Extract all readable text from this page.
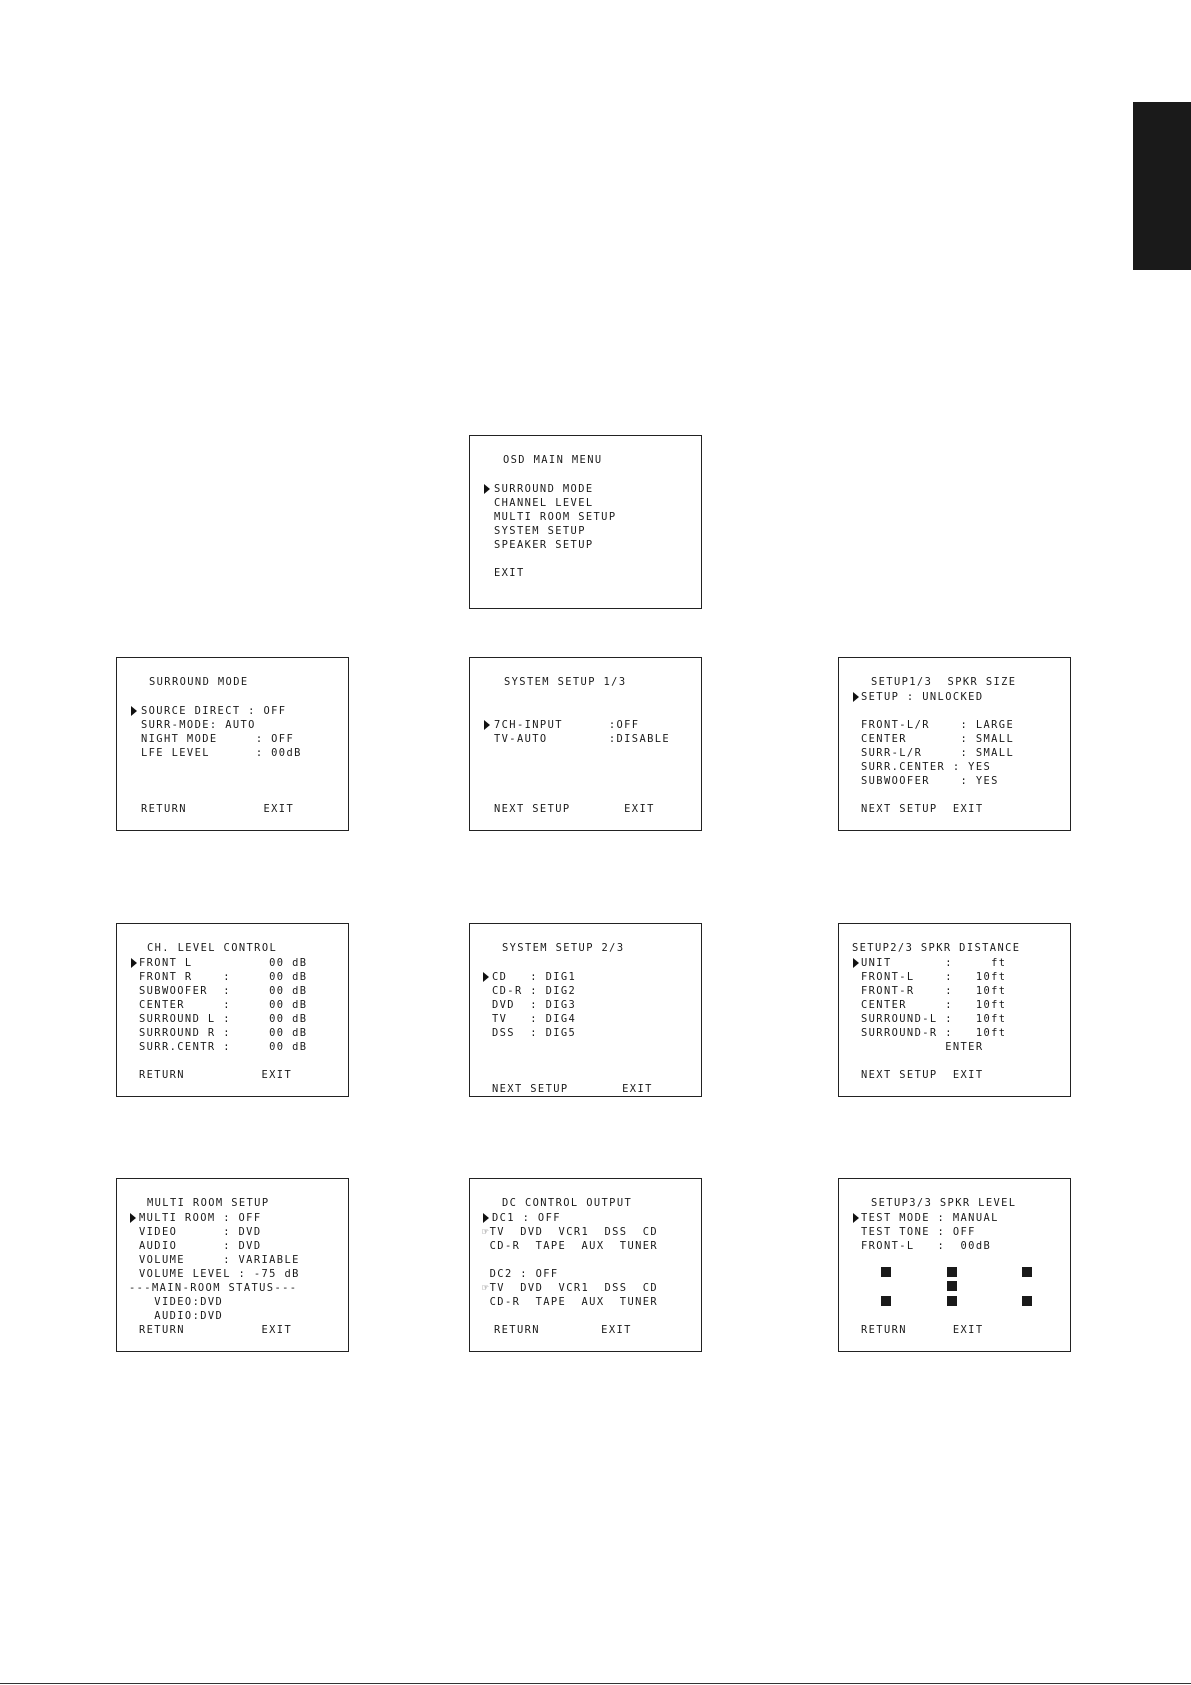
OSD MAIN MENU
SURROUND MODE
CHANNEL LEVEL
MULTI ROOM SETUP
SYSTEM SETUP
SPEAKER SETUP
EXIT
SURROUND MODE
SOURCE DIRECT : OFF
SURR-MODE: AUTO
NIGHT MODE     : OFF
LFE LEVEL      : 00dB
RETURN          EXIT
SYSTEM SETUP 1/3
7CH-INPUT      :OFF
TV-AUTO        :DISABLE
NEXT SETUP       EXIT
SETUP1/3  SPKR SIZE
SETUP : UNLOCKED
FRONT-L/R    : LARGE
CENTER       : SMALL
SURR-L/R     : SMALL
SURR.CENTER : YES
SUBWOOFER    : YES
NEXT SETUP  EXIT
CH. LEVEL CONTROL
FRONT L          00 dB
FRONT R    :     00 dB
SUBWOOFER  :     00 dB
CENTER     :     00 dB
SURROUND L :     00 dB
SURROUND R :     00 dB
SURR.CENTR :     00 dB
RETURN          EXIT
SYSTEM SETUP 2/3
CD   : DIG1
CD-R : DIG2
DVD  : DIG3
TV   : DIG4
DSS  : DIG5
NEXT SETUP       EXIT
SETUP2/3 SPKR DISTANCE
UNIT       :     ft
FRONT-L    :   10ft
FRONT-R    :   10ft
CENTER     :   10ft
SURROUND-L :   10ft
SURROUND-R :   10ft
ENTER
NEXT SETUP  EXIT
MULTI ROOM SETUP
MULTI ROOM : OFF
VIDEO      : DVD
AUDIO      : DVD
VOLUME     : VARIABLE
VOLUME LEVEL : -75 dB
---MAIN-ROOM STATUS---
VIDEO:DVD
AUDIO:DVD
RETURN          EXIT
DC CONTROL OUTPUT
DC1 : OFF
☞TV  DVD  VCR1  DSS  CD
CD-R  TAPE  AUX  TUNER
DC2 : OFF
☞TV  DVD  VCR1  DSS  CD
CD-R  TAPE  AUX  TUNER
RETURN        EXIT
SETUP3/3 SPKR LEVEL
TEST MODE : MANUAL
TEST TONE : OFF
FRONT-L   :  00dB
RETURN      EXIT
